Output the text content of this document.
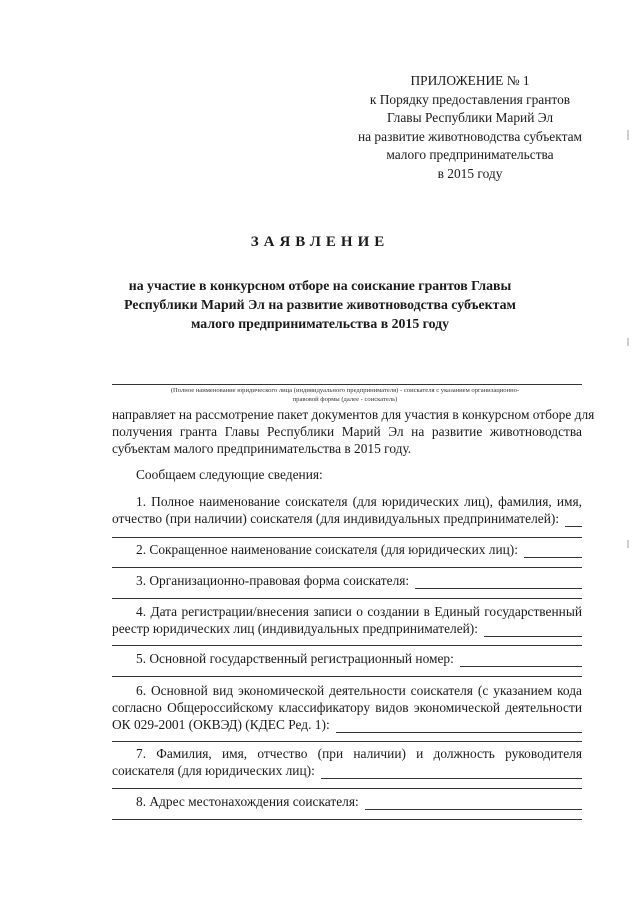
ПРИЛОЖЕНИЕ № 1
к Порядку предоставления грантов
Главы Республики Марий Эл
на развитие животноводства субъектам
малого предпринимательства
в 2015 году
ЗАЯВЛЕНИЕ
на участие в конкурсном отборе на соискание грантов Главы
Республики Марий Эл на развитие животноводства субъектам
малого предпринимательства в 2015 году
(Полное наименование юридического лица (индивидуального предпринимателя) - соискателя с указанием организационно-
правовой формы (далее - соискатель)
направляет на рассмотрение пакет документов для участия в конкурсном отборе для
получения гранта Главы Республики Марий Эл на развитие животноводства
субъектам малого предпринимательства в 2015 году.
Сообщаем следующие сведения:
1. Полное наименование соискателя (для юридических лиц), фамилия, имя,
отчество (при наличии) соискателя (для индивидуальных предпринимателей):
2. Сокращенное наименование соискателя (для юридических лиц):
3. Организационно-правовая форма соискателя:
4. Дата регистрации/внесения записи о создании в Единый государственный
реестр юридических лиц (индивидуальных предпринимателей):
5. Основной государственный регистрационный номер:
6. Основной вид экономической деятельности соискателя (с указанием кода
согласно Общероссийскому классификатору видов экономической деятельности
ОК 029-2001 (ОКВЭД) (КДЕС Ред. 1):
7. Фамилия, имя, отчество (при наличии) и должность руководителя
соискателя (для юридических лиц):
8. Адрес местонахождения соискателя:
